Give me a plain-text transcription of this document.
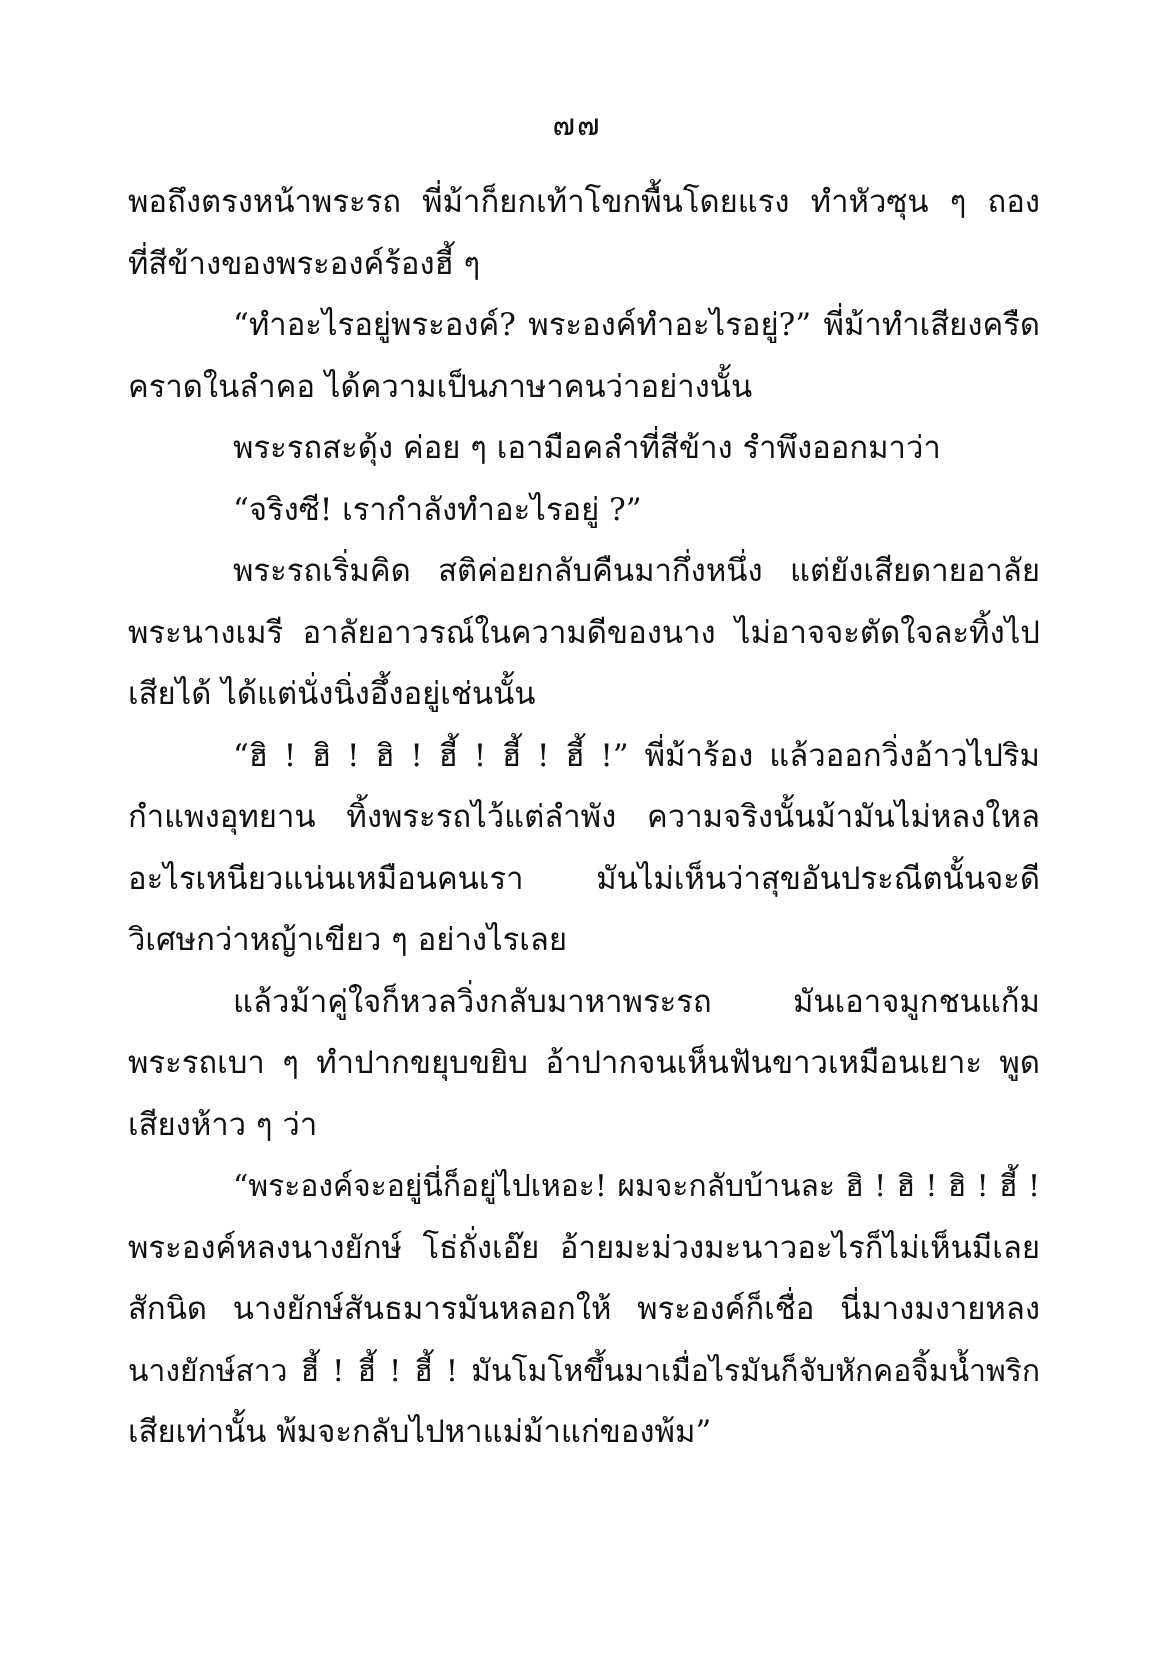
๗๗
พอถึงตรงหน้าพระรถ พี่ม้าก็ยกเท้าโขกพื้นโดยแรง ทำหัวซุน ๆ ถอง
ที่สีข้างของพระองค์ร้องฮี้ ๆ
“ทำอะไรอยู่พระองค์? พระองค์ทำอะไรอยู่?” พี่ม้าทำเสียงครืด
คราดในลำคอ ได้ความเป็นภาษาคนว่าอย่างนั้น
พระรถสะดุ้ง ค่อย ๆ เอามือคลำที่สีข้าง รำพึงออกมาว่า
“จริงซี! เรากำลังทำอะไรอยู่ ?”
พระรถเริ่มคิด สติค่อยกลับคืนมากึ่งหนึ่ง แต่ยังเสียดายอาลัย
พระนางเมรี อาลัยอาวรณ์ในความดีของนาง ไม่อาจจะตัดใจละทิ้งไป
เสียได้ ได้แต่นั่งนิ่งอึ้งอยู่เช่นนั้น
“ฮิ ! ฮิ ! ฮิ ! ฮี้ ! ฮี้ ! ฮี้ !” พี่ม้าร้อง แล้วออกวิ่งอ้าวไปริม
กำแพงอุทยาน ทิ้งพระรถไว้แต่ลำพัง ความจริงนั้นม้ามันไม่หลงใหล
อะไรเหนียวแน่นเหมือนคนเรา มันไม่เห็นว่าสุขอันประณีตนั้นจะดี
วิเศษกว่าหญ้าเขียว ๆ อย่างไรเลย
แล้วม้าคู่ใจก็หวลวิ่งกลับมาหาพระรถ มันเอาจมูกชนแก้ม
พระรถเบา ๆ ทำปากขยุบขยิบ อ้าปากจนเห็นฟันขาวเหมือนเยาะ พูด
เสียงห้าว ๆ ว่า
“พระองค์จะอยู่นี่ก็อยู่ไปเหอะ! ผมจะกลับบ้านละ ฮิ ! ฮิ ! ฮิ ! ฮี้ !
พระองค์หลงนางยักษ์ โธ่ถั่งเอ๊ย อ้ายมะม่วงมะนาวอะไรก็ไม่เห็นมีเลย
สักนิด นางยักษ์สันธมารมันหลอกให้ พระองค์ก็เชื่อ นี่มางมงายหลง
นางยักษ์สาว ฮี้ ! ฮี้ ! ฮี้ ! มันโมโหขึ้นมาเมื่อไรมันก็จับหักคอจิ้มน้ำพริก
เสียเท่านั้น พ้มจะกลับไปหาแม่ม้าแก่ของพ้ม”
